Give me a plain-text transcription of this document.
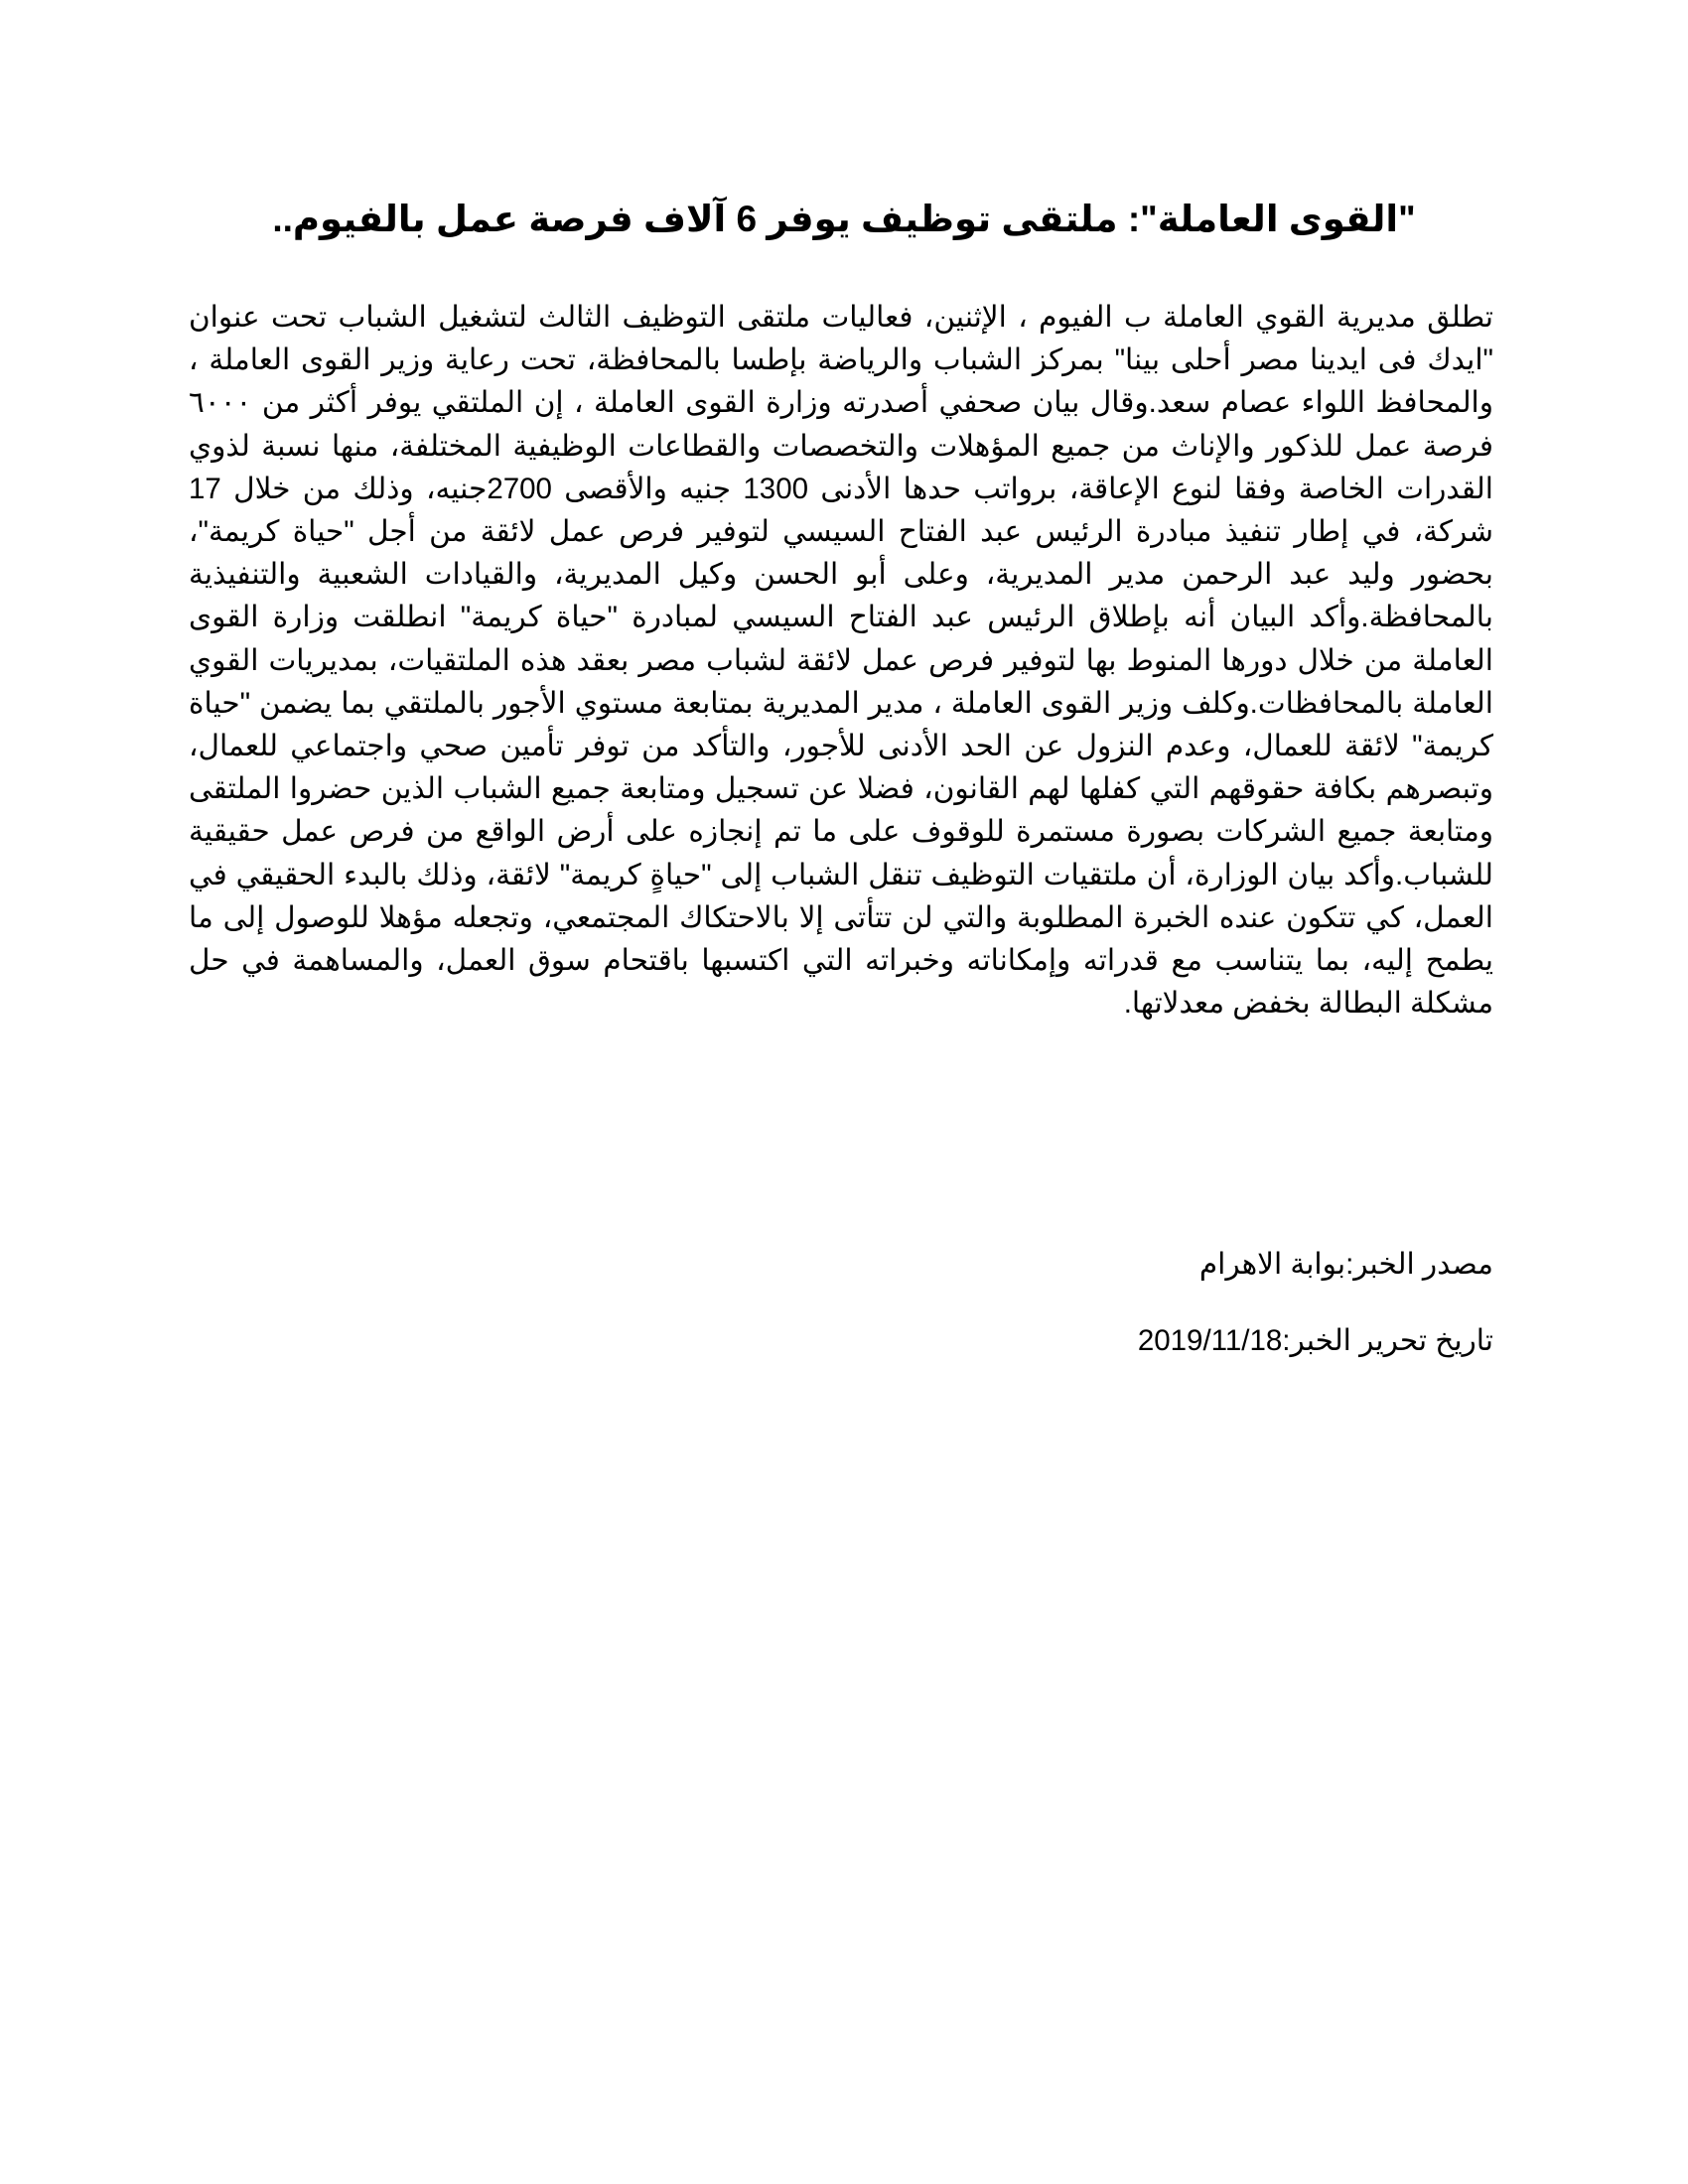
"القوى العاملة": ملتقى توظيف يوفر 6 آلاف فرصة عمل بالفيوم..

تطلق مديرية القوي العاملة ب الفيوم ، الإثنين، فعاليات ملتقى التوظيف الثالث لتشغيل الشباب تحت عنوان "ايدك فى ايدينا مصر أحلى بينا" بمركز الشباب والرياضة بإطسا بالمحافظة، تحت رعاية وزير القوى العاملة ، والمحافظ اللواء عصام سعد.وقال بيان صحفي أصدرته وزارة القوى العاملة ، إن الملتقي يوفر أكثر من ٦٠٠٠ فرصة عمل للذكور والإناث من جميع المؤهلات والتخصصات والقطاعات الوظيفية المختلفة، منها نسبة لذوي القدرات الخاصة وفقا لنوع الإعاقة، برواتب حدها الأدنى 1300 جنيه والأقصى 2700جنيه، وذلك من خلال 17 شركة، في إطار تنفيذ مبادرة الرئيس عبد الفتاح السيسي لتوفير فرص عمل لائقة من أجل "حياة كريمة"، بحضور وليد عبد الرحمن مدير المديرية، وعلى أبو الحسن وكيل المديرية، والقيادات الشعبية والتنفيذية بالمحافظة.وأكد البيان أنه بإطلاق الرئيس عبد الفتاح السيسي لمبادرة "حياة كريمة" انطلقت وزارة القوى العاملة من خلال دورها المنوط بها لتوفير فرص عمل لائقة لشباب مصر بعقد هذه الملتقيات، بمديريات القوي العاملة بالمحافظات.وكلف وزير القوى العاملة ، مدير المديرية بمتابعة مستوي الأجور بالملتقي بما يضمن "حياة كريمة" لائقة للعمال، وعدم النزول عن الحد الأدنى للأجور، والتأكد من توفر تأمين صحي واجتماعي للعمال، وتبصرهم بكافة حقوقهم التي كفلها لهم القانون، فضلا عن تسجيل ومتابعة جميع الشباب الذين حضروا الملتقى ومتابعة جميع الشركات بصورة مستمرة للوقوف على ما تم إنجازه على أرض الواقع من فرص عمل حقيقية للشباب.وأكد بيان الوزارة، أن ملتقيات التوظيف تنقل الشباب إلى "حياةٍ كريمة" لائقة، وذلك بالبدء الحقيقي في العمل، كي تتكون عنده الخبرة المطلوبة والتي لن تتأتى إلا بالاحتكاك المجتمعي، وتجعله مؤهلا للوصول إلى ما يطمح إليه، بما يتناسب مع قدراته وإمكاناته وخبراته التي اكتسبها باقتحام سوق العمل، والمساهمة في حل مشكلة البطالة بخفض معدلاتها.

مصدر الخبر:بوابة الاهرام

تاريخ تحرير الخبر:2019/11/18
